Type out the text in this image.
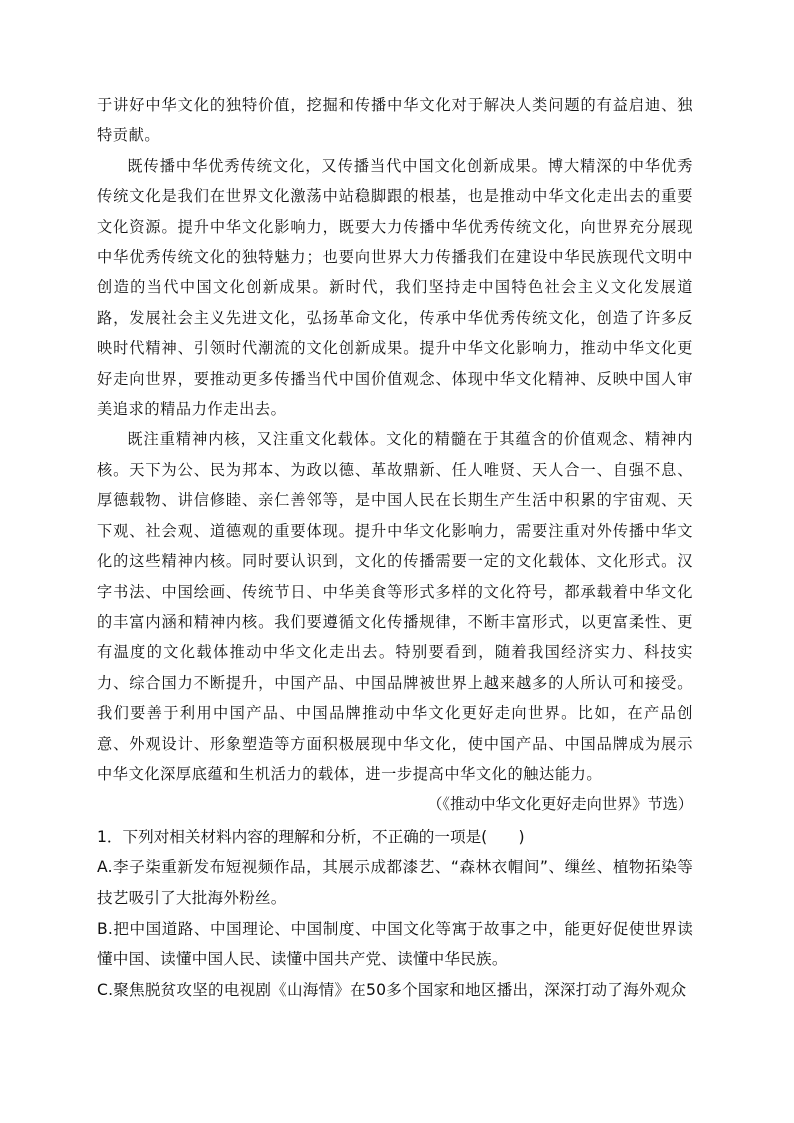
于讲好中华文化的独特价值，挖掘和传播中华文化对于解决人类问题的有益启迪、独特贡献。

既传播中华优秀传统文化，又传播当代中国文化创新成果。博大精深的中华优秀传统文化是我们在世界文化激荡中站稳脚跟的根基，也是推动中华文化走出去的重要文化资源。提升中华文化影响力，既要大力传播中华优秀传统文化，向世界充分展现中华优秀传统文化的独特魅力；也要向世界大力传播我们在建设中华民族现代文明中创造的当代中国文化创新成果。新时代，我们坚持走中国特色社会主义文化发展道路，发展社会主义先进文化，弘扬革命文化，传承中华优秀传统文化，创造了许多反映时代精神、引领时代潮流的文化创新成果。提升中华文化影响力，推动中华文化更好走向世界，要推动更多传播当代中国价值观念、体现中华文化精神、反映中国人审美追求的精品力作走出去。

既注重精神内核，又注重文化载体。文化的精髓在于其蕴含的价值观念、精神内核。天下为公、民为邦本、为政以德、革故鼎新、任人唯贤、天人合一、自强不息、厚德载物、讲信修睦、亲仁善邻等，是中国人民在长期生产生活中积累的宇宙观、天下观、社会观、道德观的重要体现。提升中华文化影响力，需要注重对外传播中华文化的这些精神内核。同时要认识到，文化的传播需要一定的文化载体、文化形式。汉字书法、中国绘画、传统节日、中华美食等形式多样的文化符号，都承载着中华文化的丰富内涵和精神内核。我们要遵循文化传播规律，不断丰富形式，以更富柔性、更有温度的文化载体推动中华文化走出去。特别要看到，随着我国经济实力、科技实力、综合国力不断提升，中国产品、中国品牌被世界上越来越多的人所认可和接受。我们要善于利用中国产品、中国品牌推动中华文化更好走向世界。比如，在产品创意、外观设计、形象塑造等方面积极展现中华文化，使中国产品、中国品牌成为展示中华文化深厚底蕴和生机活力的载体，进一步提高中华文化的触达能力。

（《推动中华文化更好走向世界》节选）

1．下列对相关材料内容的理解和分析，不正确的一项是(　　)

A.李子柒重新发布短视频作品，其展示成都漆艺、“森林衣帽间”、缫丝、植物拓染等技艺吸引了大批海外粉丝。

B.把中国道路、中国理论、中国制度、中国文化等寓于故事之中，能更好促使世界读懂中国、读懂中国人民、读懂中国共产党、读懂中华民族。

C.聚焦脱贫攻坚的电视剧《山海情》在50多个国家和地区播出，深深打动了海外观众
